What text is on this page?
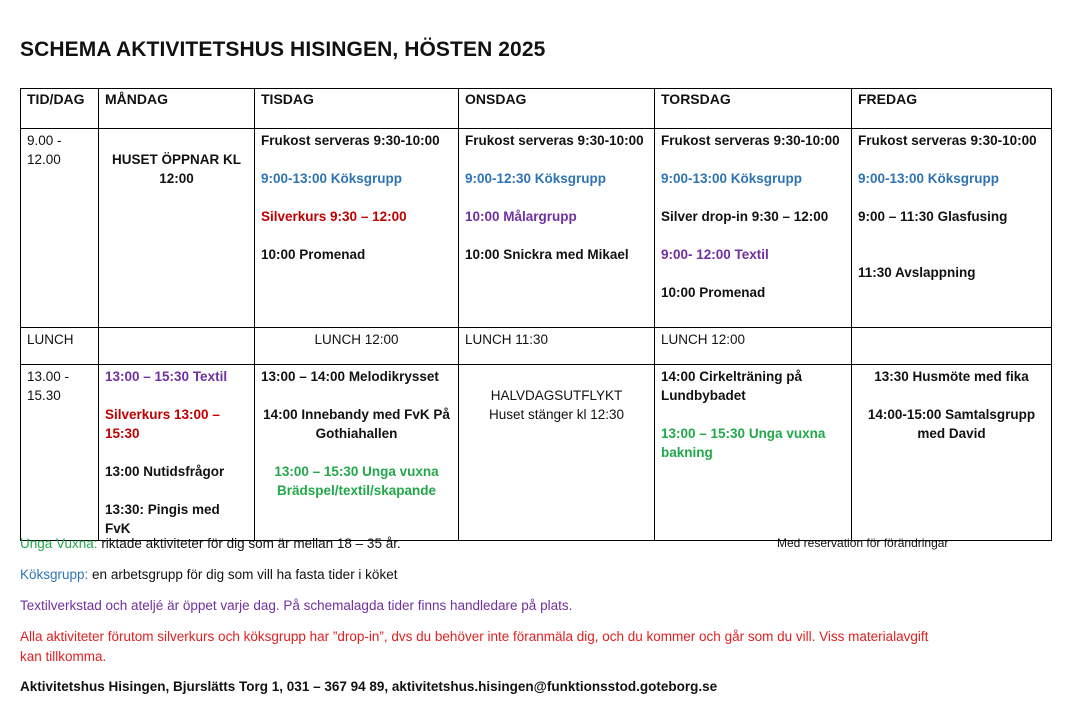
SCHEMA AKTIVITETSHUS HISINGEN, HÖSTEN 2025
TID/DAG	MÅNDAG	TISDAG	ONSDAG	TORSDAG	FREDAG

9.00 - 12.00	HUSET ÖPPNAR KL 12:00	Frukost serveras 9:30-10:00
9:00-13:00 Köksgrupp
Silverkurs 9:30 – 12:00
10:00 Promenad	Frukost serveras 9:30-10:00
9:00-12:30 Köksgrupp
10:00 Målargrupp
10:00 Snickra med Mikael	Frukost serveras 9:30-10:00
9:00-13:00 Köksgrupp
Silver drop-in 9:30 – 12:00
9:00- 12:00 Textil
10:00 Promenad	Frukost serveras 9:30-10:00
9:00-13:00 Köksgrupp
9:00 – 11:30 Glasfusing
11:30 Avslappning

LUNCH		LUNCH 12:00	LUNCH 11:30	LUNCH 12:00	

13.00 - 15.30	13:00 – 15:30 Textil
Silverkurs 13:00 – 15:30
13:00 Nutidsfrågor
13:30: Pingis med FvK	13:00 – 14:00 Melodikrysset
14:00 Innebandy med FvK På Gothiahallen
13:00 – 15:30 Unga vuxna Brädspel/textil/skapande	HALVDAGSUTFLYKT
Huset stänger kl 12:30	14:00 Cirkelträning på Lundbybadet
13:00 – 15:30 Unga vuxna bakning	13:30 Husmöte med fika
14:00-15:00 Samtalsgrupp med David
Unga Vuxna: riktade aktiviteter för dig som är mellan 18 – 35 år.	Med reservation för förändringar
Köksgrupp: en arbetsgrupp för dig som vill ha fasta tider i köket
Textilverkstad och ateljé är öppet varje dag. På schemalagda tider finns handledare på plats.
Alla aktiviteter förutom silverkurs och köksgrupp har ”drop-in”, dvs du behöver inte föranmäla dig, och du kommer och går som du vill. Viss materialavgift kan tillkomma.
Aktivitetshus Hisingen, Bjurslätts Torg 1, 031 – 367 94 89, aktivitetshus.hisingen@funktionsstod.goteborg.se
